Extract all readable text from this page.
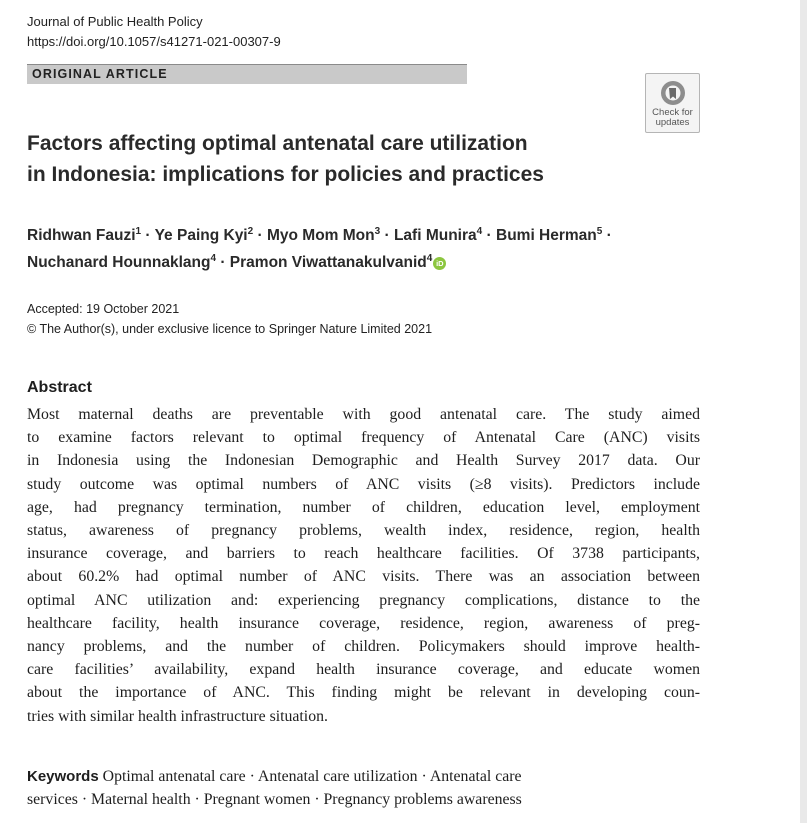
Journal of Public Health Policy
https://doi.org/10.1057/s41271-021-00307-9
ORIGINAL ARTICLE
Check for
updates
Factors affecting optimal antenatal care utilization
in Indonesia: implications for policies and practices
Ridhwan Fauzi$^1$ · Ye Paing Kyi$^2$ · Myo Mom Mon$^3$ · Lafi Munira$^4$ · Bumi Herman$^5$ ·
Nuchanard Hounnaklang$^4$ · Pramon Viwattanakulvanid$^4$ iD
Accepted: 19 October 2021
© The Author(s), under exclusive licence to Springer Nature Limited 2021
Abstract
Most maternal deaths are preventable with good antenatal care. The study aimed
to examine factors relevant to optimal frequency of Antenatal Care (ANC) visits
in Indonesia using the Indonesian Demographic and Health Survey 2017 data. Our
study outcome was optimal numbers of ANC visits (≥8 visits). Predictors include
age, had pregnancy termination, number of children, education level, employment
status, awareness of pregnancy problems, wealth index, residence, region, health
insurance coverage, and barriers to reach healthcare facilities. Of 3738 participants,
about 60.2% had optimal number of ANC visits. There was an association between
optimal ANC utilization and: experiencing pregnancy complications, distance to the
healthcare facility, health insurance coverage, residence, region, awareness of preg-
nancy problems, and the number of children. Policymakers should improve health-
care facilities’ availability, expand health insurance coverage, and educate women
about the importance of ANC. This finding might be relevant in developing coun-
tries with similar health infrastructure situation.
Keywords Optimal antenatal care · Antenatal care utilization · Antenatal care
services · Maternal health · Pregnant women · Pregnancy problems awareness
